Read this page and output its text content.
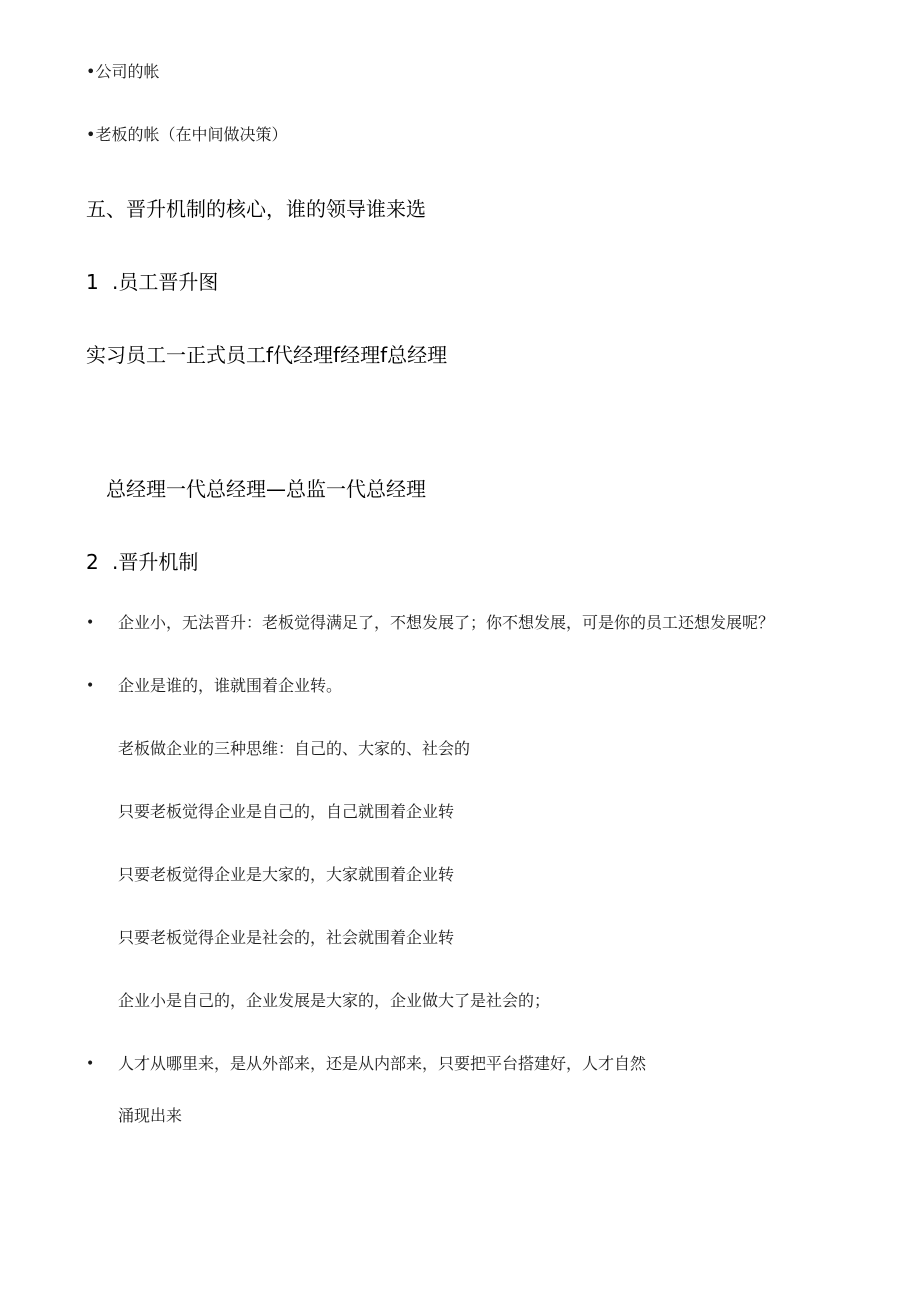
•公司的帐
•老板的帐（在中间做决策）
五、晋升机制的核心，谁的领导谁来选
1 .员工晋升图
实习员工一正式员工f代经理f经理f总经理
总经理一代总经理—总监一代总经理
2 .晋升机制
• 企业小，无法晋升：老板觉得满足了，不想发展了；你不想发展，可是你的员工还想发展呢？
• 企业是谁的，谁就围着企业转。
老板做企业的三种思维：自己的、大家的、社会的
只要老板觉得企业是自己的，自己就围着企业转
只要老板觉得企业是大家的，大家就围着企业转
只要老板觉得企业是社会的，社会就围着企业转
企业小是自己的，企业发展是大家的，企业做大了是社会的；
• 人才从哪里来，是从外部来，还是从内部来，只要把平台搭建好，人才自然
涌现出来
